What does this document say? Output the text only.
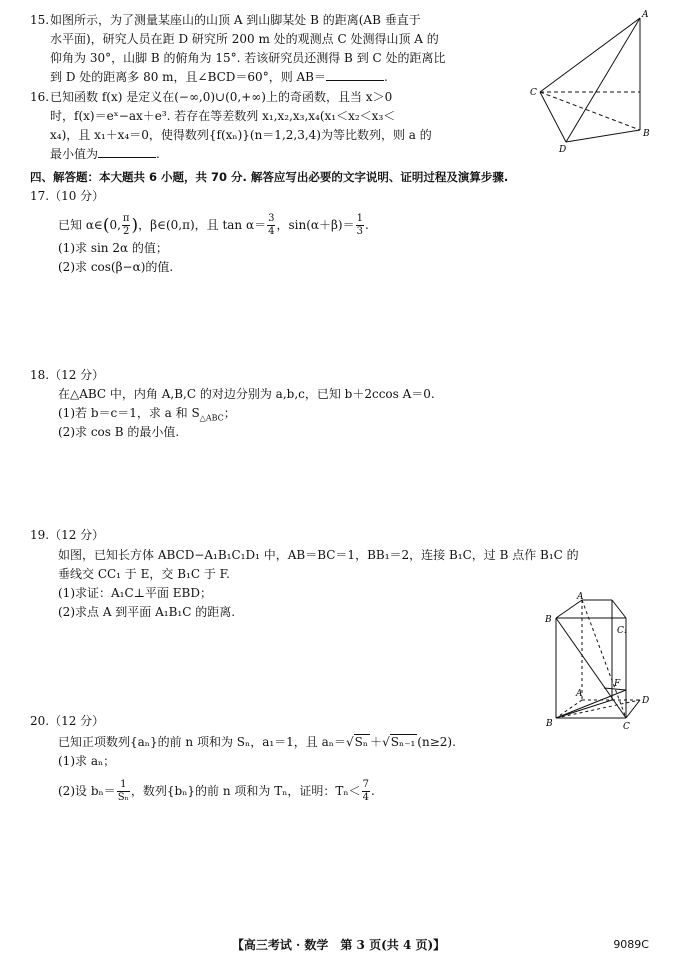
15. 如图所示，为了测量某座山的山顶 A 到山脚某处 B 的距离(AB 垂直于
水平面)，研究人员在距 D 研究所 200 m 处的观测点 C 处测得山顶 A 的
仰角为 30°，山脚 B 的俯角为 15°. 若该研究员还测得 B 到 C 处的距离比
到 D 处的距离多 80 m，且∠BCD＝60°，则 AB＝	.
A
C
B
D
16. 已知函数 f(x) 是定义在(−∞,0)∪(0,+∞)上的奇函数，且当 x＞0
时，f(x)＝eˣ−ax＋e³. 若存在等差数列 x₁,x₂,x₃,x₄(x₁＜x₂＜x₃＜
x₄)，且 x₁＋x₄＝0，使得数列{f(xₙ)}(n＝1,2,3,4)为等比数列，则 a 的
最小值为	.
四、解答题：本大题共 6 小题，共 70 分. 解答应写出必要的文字说明、证明过程及演算步骤.
17.（10 分）
已知 α∈(0, $\frac{\pi}{2}$ )，β∈(0,π)，且 $\tan \alpha= \frac{3}{4}$ ，$\sin(\alpha+\beta)= \frac{1}{3}$ .
(1)求 sin 2α 的值；
(2)求 cos(β−α)的值.
18.（12 分）
在△ABC 中，内角 A,B,C 的对边分别为 a,b,c，已知 b＋2ccos A＝0.
(1)若 b＝c＝1，求 a 和 $S_{\triangle ABC}$；
(2)求 cos B 的最小值.
19.（12 分）
如图，已知长方体 ABCD−A₁B₁C₁D₁ 中，AB＝BC＝1，BB₁＝2，连接 B₁C，过 B 点作 B₁C 的
垂线交 CC₁ 于 E，交 B₁C 于 F.
(1)求证：A₁C⊥平面 EBD；
(2)求点 A 到平面 A₁B₁C 的距离.
A
B
C₁
A
F
D
B	C
20.（12 分）
已知正项数列{aₙ}的前 n 项和为 Sₙ，a₁＝1，且 aₙ＝√Sₙ ＋√Sₙ₋₁ (n≥2).
(1)求 aₙ；
(2)设 $b_n= \frac{1}{\text{Sₙ}}$ ，数列{bₙ}的前 n 项和为 Tₙ，证明：$T_n< \frac{7}{4}$ .
【高三考试 · 数学　第 3 页(共 4 页)】	9089C
